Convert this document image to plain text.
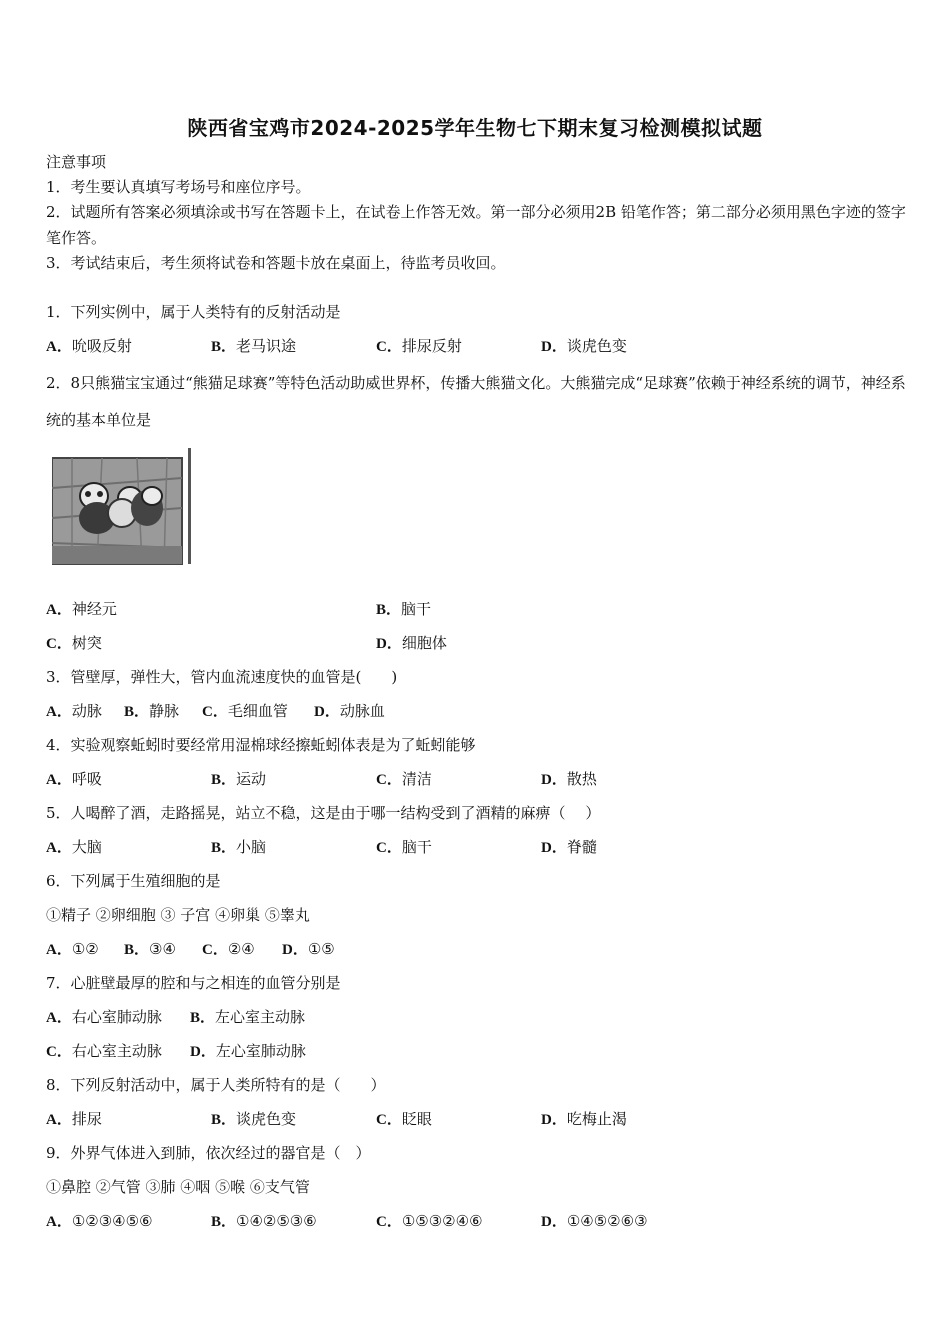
陕西省宝鸡市2024-2025学年生物七下期末复习检测模拟试题
注意事项
1．考生要认真填写考场号和座位序号。
2．试题所有答案必须填涂或书写在答题卡上，在试卷上作答无效。第一部分必须用2B 铅笔作答；第二部分必须用黑色字迹的签字笔作答。
3．考试结束后，考生须将试卷和答题卡放在桌面上，待监考员收回。
1．下列实例中，属于人类特有的反射活动是
A．吮吸反射	B．老马识途	C．排尿反射	D．谈虎色变
2．8只熊猫宝宝通过“熊猫足球赛”等特色活动助威世界杯，传播大熊猫文化。大熊猫完成“足球赛”依赖于神经系统的调节，神经系统的基本单位是
A．神经元	B．脑干
C．树突	D．细胞体
3．管壁厚，弹性大，管内血流速度快的血管是(　　)
A．动脉 B．静脉 C．毛细血管 D．动脉血
4．实验观察蚯蚓时要经常用湿棉球经擦蚯蚓体表是为了蚯蚓能够
A．呼吸	B．运动	C．清洁	D．散热
5．人喝醉了酒，走路摇晃，站立不稳，这是由于哪一结构受到了酒精的麻痹（　 ）
A．大脑	B．小脑	C．脑干	D．脊髓
6．下列属于生殖细胞的是
①精子 ②卵细胞 ③ 子宫 ④卵巢 ⑤睾丸
A．①② B．③④ C．②④ D．①⑤
7．心脏壁最厚的腔和与之相连的血管分别是
A．右心室肺动脉 B．左心室主动脉
C．右心室主动脉 D．左心室肺动脉
8．下列反射活动中，属于人类所特有的是（　　）
A．排尿	B．谈虎色变	C．眨眼	D．吃梅止渴
9．外界气体进入到肺，依次经过的器官是（　）
①鼻腔 ②气管 ③肺 ④咽 ⑤喉 ⑥支气管
A．①②③④⑤⑥	B．①④②⑤③⑥	C．①⑤③②④⑥	D．①④⑤②⑥③
